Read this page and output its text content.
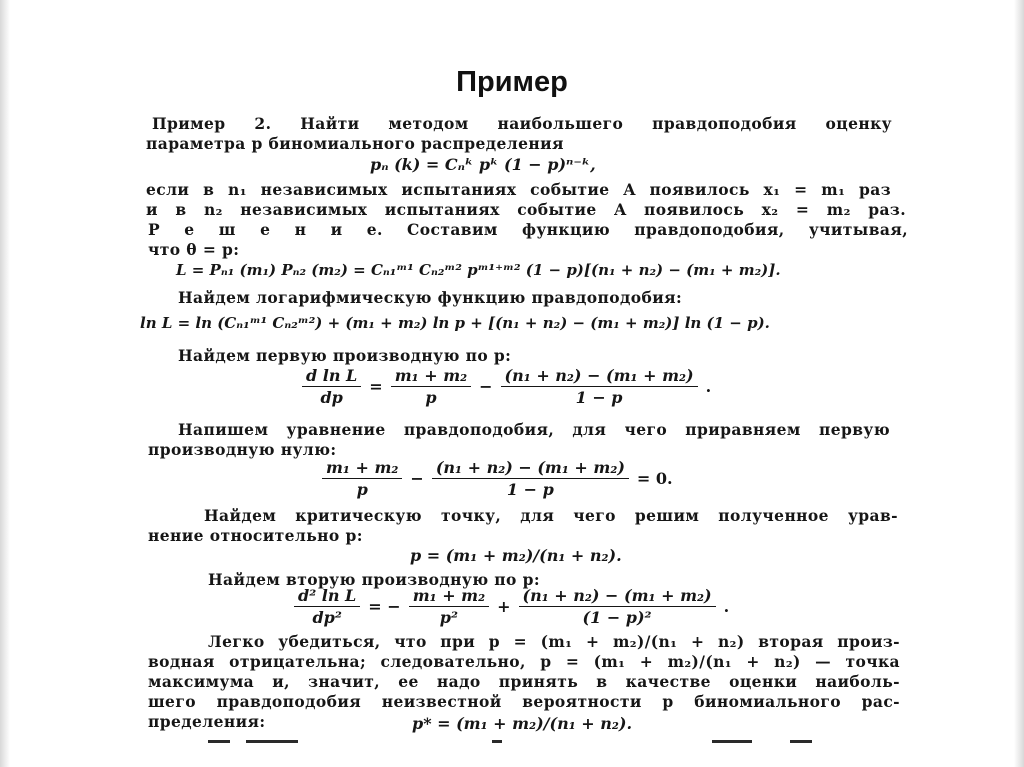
Пример
Пример 2. Найти методом наибольшего правдоподобия оценку
параметра p биномиального распределения
pₙ (k) = Cₙᵏ pᵏ (1 − p)ⁿ⁻ᵏ,
если в n₁ независимых испытаниях событие A появилось x₁ = m₁ раз
и в n₂ независимых испытаниях событие A появилось x₂ = m₂ раз.
Р е ш е н и е. Составим функцию правдоподобия, учитывая,
что θ = p:
L = Pₙ₁ (m₁) Pₙ₂ (m₂) = Cₙ₁ᵐ¹ Cₙ₂ᵐ² pᵐ¹⁺ᵐ² (1 − p)[(n₁ + n₂) − (m₁ + m₂)].
Найдем логарифмическую функцию правдоподобия:
ln L = ln (Cₙ₁ᵐ¹ Cₙ₂ᵐ²) + (m₁ + m₂) ln p + [(n₁ + n₂) − (m₁ + m₂)] ln (1 − p).
Найдем первую производную по p:
$\frac{\text{d ln L}}{dp} = \frac{\text{m₁ + m₂}}{p} - \frac{\text{(n₁ + n₂) − (m₁ + m₂)}}{1 - p}$ .
Напишем уравнение правдоподобия, для чего приравняем первую
производную нулю:
$\frac{\text{m₁ + m₂}}{p} - \frac{\text{(n₁ + n₂) − (m₁ + m₂)}}{1 - p} = 0$.
Найдем критическую точку, для чего решим полученное урав-
нение относительно p:
p = (m₁ + m₂)/(n₁ + n₂).
Найдем вторую производную по p:
$\frac{\text{d² ln L}}{\text{dp²}}$ = − $\frac{\text{m₁ + m₂}}{\text{p²}} + \frac{\text{(n₁ + n₂) − (m₁ + m₂)}}{\text{(1 − p)²}}$ .
Легко убедиться, что при p = (m₁ + m₂)/(n₁ + n₂) вторая произ-
водная отрицательна; следовательно, p = (m₁ + m₂)/(n₁ + n₂) — точка
максимума и, значит, ее надо принять в качестве оценки наиболь-
шего правдоподобия неизвестной вероятности p биномиального рас-
пределения:	p* = (m₁ + m₂)/(n₁ + n₂).
